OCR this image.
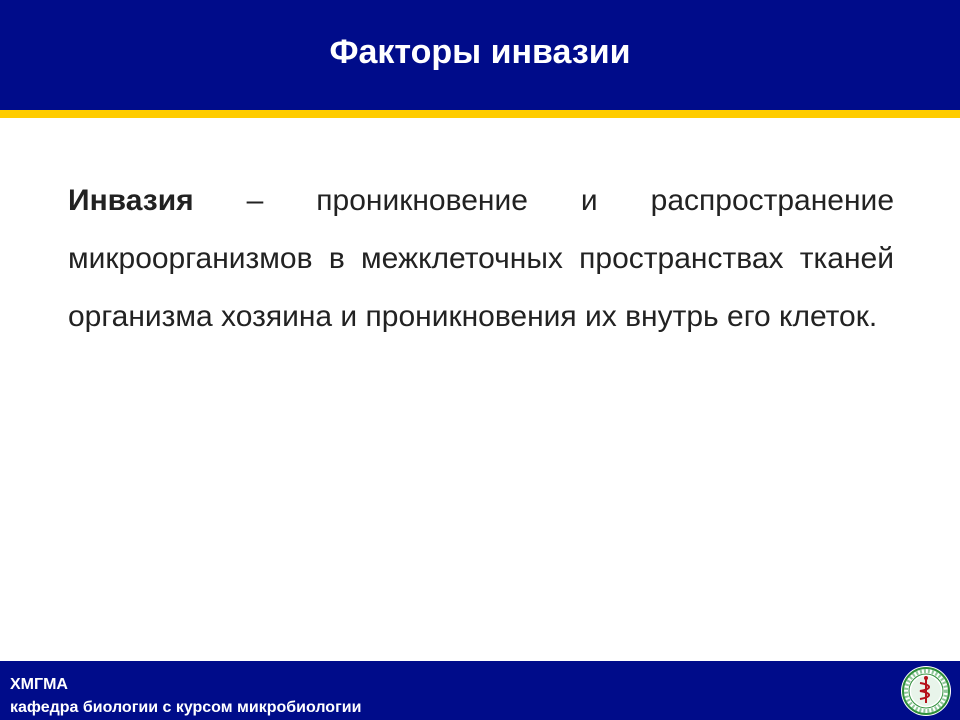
Факторы инвазии
Инвазия – проникновение и распространение микроорганизмов в межклеточных пространствах тканей организма хозяина и проникновения их внутрь его клеток.
ХМГМА
кафедра биологии с курсом микробиологии
